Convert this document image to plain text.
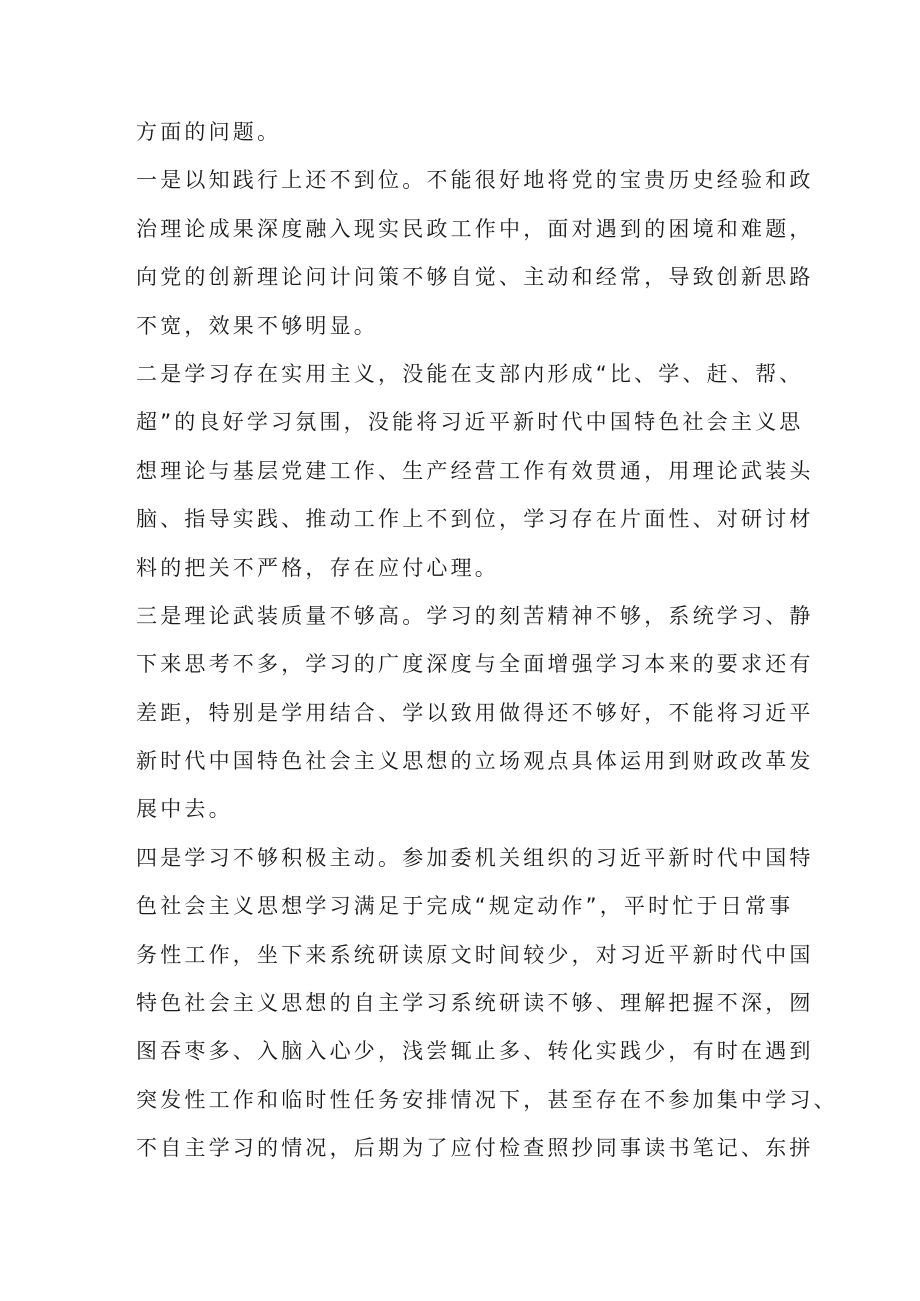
方面的问题。
一是以知践行上还不到位。不能很好地将党的宝贵历史经验和政
治理论成果深度融入现实民政工作中，面对遇到的困境和难题，
向党的创新理论问计问策不够自觉、主动和经常，导致创新思路
不宽，效果不够明显。
二是学习存在实用主义，没能在支部内形成“比、学、赶、帮、
超”的良好学习氛围，没能将习近平新时代中国特色社会主义思
想理论与基层党建工作、生产经营工作有效贯通，用理论武装头
脑、指导实践、推动工作上不到位，学习存在片面性、对研讨材
料的把关不严格，存在应付心理。
三是理论武装质量不够高。学习的刻苦精神不够，系统学习、静
下来思考不多，学习的广度深度与全面增强学习本来的要求还有
差距，特别是学用结合、学以致用做得还不够好，不能将习近平
新时代中国特色社会主义思想的立场观点具体运用到财政改革发
展中去。
四是学习不够积极主动。参加委机关组织的习近平新时代中国特
色社会主义思想学习满足于完成“规定动作”，平时忙于日常事
务性工作，坐下来系统研读原文时间较少，对习近平新时代中国
特色社会主义思想的自主学习系统研读不够、理解把握不深，囫
图吞枣多、入脑入心少，浅尝辄止多、转化实践少，有时在遇到
突发性工作和临时性任务安排情况下，甚至存在不参加集中学习、
不自主学习的情况，后期为了应付检查照抄同事读书笔记、东拼
